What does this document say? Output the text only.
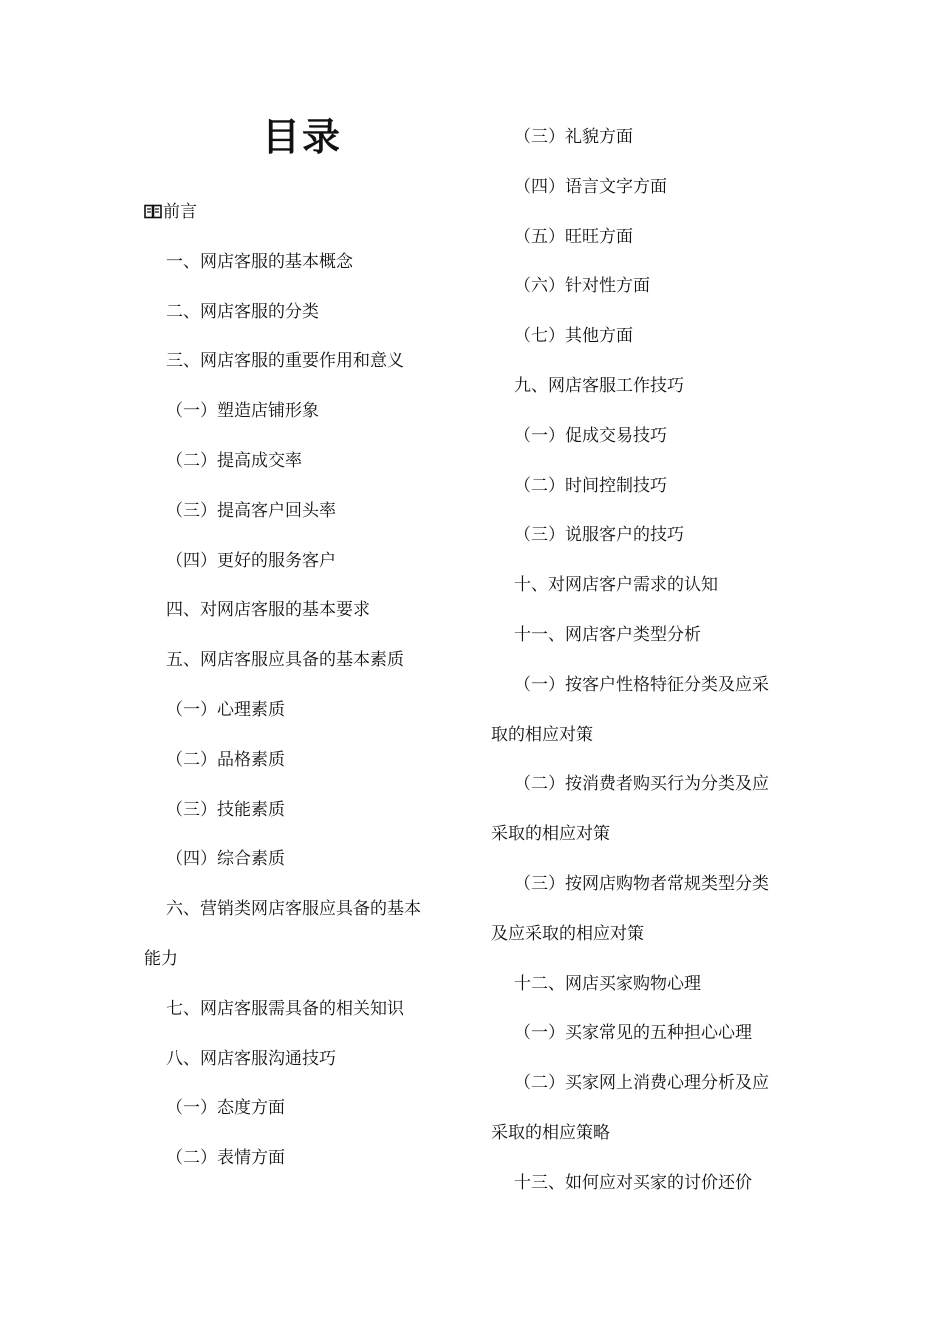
目录
前言
一、网店客服的基本概念
二、网店客服的分类
三、网店客服的重要作用和意义
（一）塑造店铺形象
（二）提高成交率
（三）提高客户回头率
（四）更好的服务客户
四、对网店客服的基本要求
五、网店客服应具备的基本素质
（一）心理素质
（二）品格素质
（三）技能素质
（四）综合素质
六、营销类网店客服应具备的基本
能力
七、网店客服需具备的相关知识
八、网店客服沟通技巧
（一）态度方面
（二）表情方面
（三）礼貌方面
（四）语言文字方面
（五）旺旺方面
（六）针对性方面
（七）其他方面
九、网店客服工作技巧
（一）促成交易技巧
（二）时间控制技巧
（三）说服客户的技巧
十、对网店客户需求的认知
十一、网店客户类型分析
（一）按客户性格特征分类及应采
取的相应对策
（二）按消费者购买行为分类及应
采取的相应对策
（三）按网店购物者常规类型分类
及应采取的相应对策
十二、网店买家购物心理
（一）买家常见的五种担心心理
（二）买家网上消费心理分析及应
采取的相应策略
十三、如何应对买家的讨价还价
